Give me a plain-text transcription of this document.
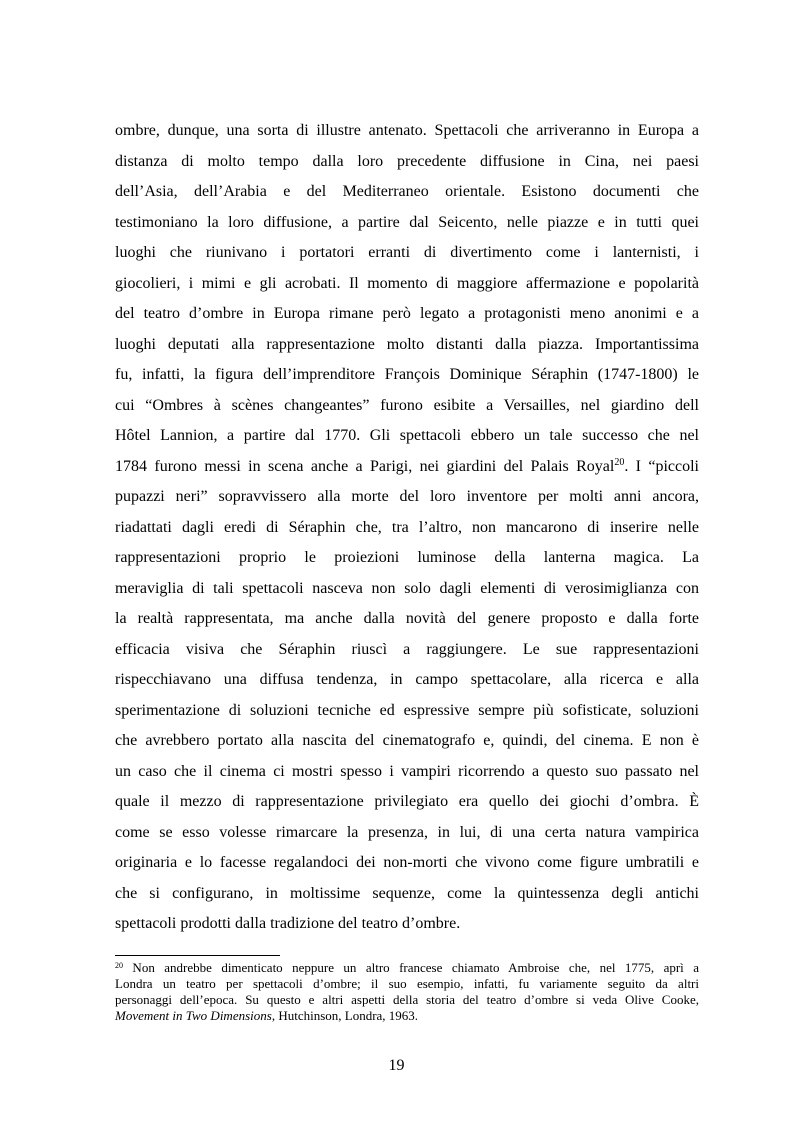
ombre, dunque, una sorta di illustre antenato. Spettacoli che arriveranno in Europa a
distanza di molto tempo dalla loro precedente diffusione in Cina, nei paesi
dell’Asia, dell’Arabia e del Mediterraneo orientale. Esistono documenti che
testimoniano la loro diffusione, a partire dal Seicento, nelle piazze e in tutti quei
luoghi che riunivano i portatori erranti di divertimento come i lanternisti, i
giocolieri, i mimi e gli acrobati. Il momento di maggiore affermazione e popolarità
del teatro d’ombre in Europa rimane però legato a protagonisti meno anonimi e a
luoghi deputati alla rappresentazione molto distanti dalla piazza. Importantissima
fu, infatti, la figura dell’imprenditore François Dominique Séraphin (1747-1800) le
cui “Ombres à scènes changeantes” furono esibite a Versailles, nel giardino dell
Hôtel Lannion, a partire dal 1770. Gli spettacoli ebbero un tale successo che nel
1784 furono messi in scena anche a Parigi, nei giardini del Palais Royal$^{20}$. I “piccoli
pupazzi neri” sopravvissero alla morte del loro inventore per molti anni ancora,
riadattati dagli eredi di Séraphin che, tra l’altro, non mancarono di inserire nelle
rappresentazioni proprio le proiezioni luminose della lanterna magica. La
meraviglia di tali spettacoli nasceva non solo dagli elementi di verosimiglianza con
la realtà rappresentata, ma anche dalla novità del genere proposto e dalla forte
efficacia visiva che Séraphin riuscì a raggiungere. Le sue rappresentazioni
rispecchiavano una diffusa tendenza, in campo spettacolare, alla ricerca e alla
sperimentazione di soluzioni tecniche ed espressive sempre più sofisticate, soluzioni
che avrebbero portato alla nascita del cinematografo e, quindi, del cinema. E non è
un caso che il cinema ci mostri spesso i vampiri ricorrendo a questo suo passato nel
quale il mezzo di rappresentazione privilegiato era quello dei giochi d’ombra. È
come se esso volesse rimarcare la presenza, in lui, di una certa natura vampirica
originaria e lo facesse regalandoci dei non-morti che vivono come figure umbratili e
che si configurano, in moltissime sequenze, come la quintessenza degli antichi
spettacoli prodotti dalla tradizione del teatro d’ombre.
$^{20}$ Non andrebbe dimenticato neppure un altro francese chiamato Ambroise che, nel 1775, aprì a
Londra un teatro per spettacoli d’ombre; il suo esempio, infatti, fu variamente seguito da altri
personaggi dell’epoca. Su questo e altri aspetti della storia del teatro d’ombre si veda Olive Cooke,
Movement in Two Dimensions, Hutchinson, Londra, 1963.
19
